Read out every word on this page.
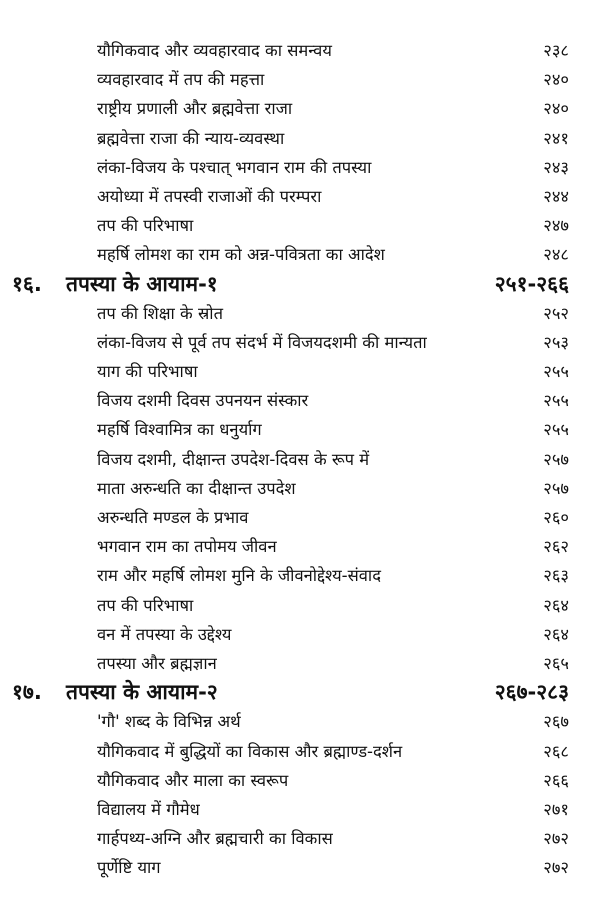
यौगिकवाद और व्यवहारवाद का समन्वय	२३८
व्यवहारवाद में तप की महत्ता	२४०
राष्ट्रीय प्रणाली और ब्रह्मवेत्ता राजा	२४०
ब्रह्मवेत्ता राजा की न्याय-व्यवस्था	२४१
लंका-विजय के पश्चात् भगवान राम की तपस्या	२४३
अयोध्या में तपस्वी राजाओं की परम्परा	२४४
तप की परिभाषा	२४७
महर्षि लोमश का राम को अन्न-पवित्रता का आदेश	२४८
१६. तपस्या के आयाम-१	२५१-२६६
तप की शिक्षा के स्रोत	२५२
लंका-विजय से पूर्व तप संदर्भ में विजयदशमी की मान्यता	२५३
याग की परिभाषा	२५५
विजय दशमी दिवस उपनयन संस्कार	२५५
महर्षि विश्वामित्र का धनुर्याग	२५५
विजय दशमी, दीक्षान्त उपदेश-दिवस के रूप में	२५७
माता अरुन्धति का दीक्षान्त उपदेश	२५७
अरुन्धति मण्डल के प्रभाव	२६०
भगवान राम का तपोमय जीवन	२६२
राम और महर्षि लोमश मुनि के जीवनोद्देश्य-संवाद	२६३
तप की परिभाषा	२६४
वन में तपस्या के उद्देश्य	२६४
तपस्या और ब्रह्मज्ञान	२६५
१७. तपस्या के आयाम-२	२६७-२८३
'गौ' शब्द के विभिन्न अर्थ	२६७
यौगिकवाद में बुद्धियों का विकास और ब्रह्माण्ड-दर्शन	२६८
यौगिकवाद और माला का स्वरूप	२६६
विद्यालय में गौमेध	२७१
गार्हपथ्य-अग्नि और ब्रह्मचारी का विकास	२७२
पूर्णेष्टि याग	२७२
